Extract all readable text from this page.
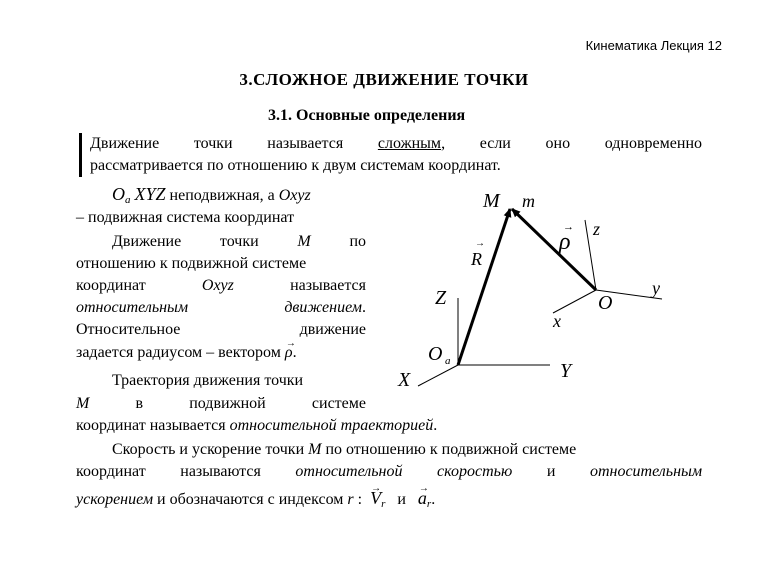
Кинематика Лекция 12
3.СЛОЖНОЕ ДВИЖЕНИЕ ТОЧКИ
3.1. Основные определения
Движение точки называется сложным, если оно одновременно
рассматривается по отношению к двум системам координат.
$O_a$ XYZ неподвижная, а Oxyz
– подвижная система координат
Движение точки M по
отношению к подвижной системе
координат	Oxyz	называется
относительным	движением.
Относительное	движение
задается радиусом – вектором → ρ.
Траектория движения точки
M	в	подвижной	системе
координат называется относительной траекторией.
Скорость и ускорение точки M по отношению к подвижной системе
координат называются относительной скоростью и относительным
ускорением и обозначаются с индексом r : → $V_r$ $и \to a_r$.
M m
R
→	ρ
→ z
y
O
x
Z
O a
X	Y
